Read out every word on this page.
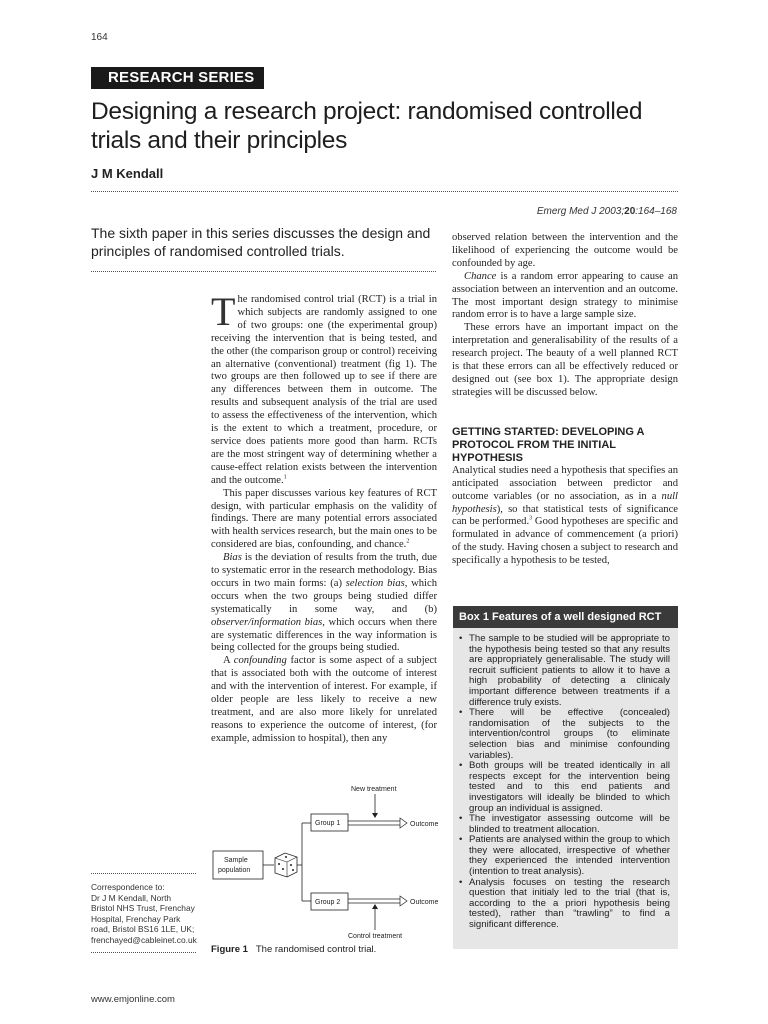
164
RESEARCH SERIES
Designing a research project: randomised controlled trials and their principles
J M Kendall
Emerg Med J 2003;20:164–168
The sixth paper in this series discusses the design and principles of randomised controlled trials.

The randomised control trial (RCT) is a trial in which subjects are randomly assigned to one of two groups: one (the experimental group) receiving the intervention that is being tested, and the other (the comparison group or control) receiving an alternative (conventional) treatment (fig 1). The two groups are then followed up to see if there are any differences between them in outcome. The results and subsequent analysis of the trial are used to assess the effectiveness of the intervention, which is the extent to which a treatment, procedure, or service does patients more good than harm. RCTs are the most stringent way of determining whether a cause-effect relation exists between the intervention and the outcome.$^1$

This paper discusses various key features of RCT design, with particular emphasis on the validity of findings. There are many potential errors associated with health services research, but the main ones to be considered are bias, confounding, and chance.$^2$

Bias is the deviation of results from the truth, due to systematic error in the research methodology. Bias occurs in two main forms: (a) selection bias, which occurs when the two groups being studied differ systematically in some way, and (b) observer/information bias, which occurs when there are systematic differences in the way information is being collected for the groups being studied.

A confounding factor is some aspect of a subject that is associated both with the outcome of interest and with the intervention of interest. For example, if older people are less likely to receive a new treatment, and are also more likely for unrelated reasons to experience the outcome of interest, (for example, admission to hospital), then any

observed relation between the intervention and the likelihood of experiencing the outcome would be confounded by age.

Chance is a random error appearing to cause an association between an intervention and an outcome. The most important design strategy to minimise random error is to have a large sample size.

These errors have an important impact on the interpretation and generalisability of the results of a research project. The beauty of a well planned RCT is that these errors can all be effectively reduced or designed out (see box 1). The appropriate design strategies will be discussed below.

GETTING STARTED: DEVELOPING A PROTOCOL FROM THE INITIAL HYPOTHESIS

Analytical studies need a hypothesis that specifies an anticipated association between predictor and outcome variables (or no association, as in a null hypothesis), so that statistical tests of significance can be performed.$^3$ Good hypotheses are specific and formulated in advance of commencement (a priori) of the study. Having chosen a subject to research and specifically a hypothesis to be tested,

Box 1 Features of a well designed RCT
• The sample to be studied will be appropriate to the hypothesis being tested so that any results are appropriately generalisable. The study will recruit sufficient patients to allow it to have a high probability of detecting a clinicaly important difference between treatments if a difference truly exists.
• There will be effective (concealed) randomisation of the subjects to the intervention/control groups (to eliminate selection bias and minimise confounding variables).
• Both groups will be treated identically in all respects except for the intervention being tested and to this end patients and investigators will ideally be blinded to which group an individual is assigned.
• The investigator assessing outcome will be blinded to treatment allocation.
• Patients are analysed within the group to which they were allocated, irrespective of whether they experienced the intended intervention (intention to treat analysis).
• Analysis focuses on testing the research question that initialy led to the trial (that is, according to the a priori hypothesis being tested), rather than “trawling” to find a significant difference.
Correspondence to:
Dr J M Kendall, North
Bristol NHS Trust, Frenchay
Hospital, Frenchay Park
road, Bristol BS16 1LE, UK;
frenchayed@cableinet.co.uk
New treatment
Group 1	Outcome
Sample
population
Group 2	Outcome
Control treatment
Figure 1 The randomised control trial.
www.emjonline.com
